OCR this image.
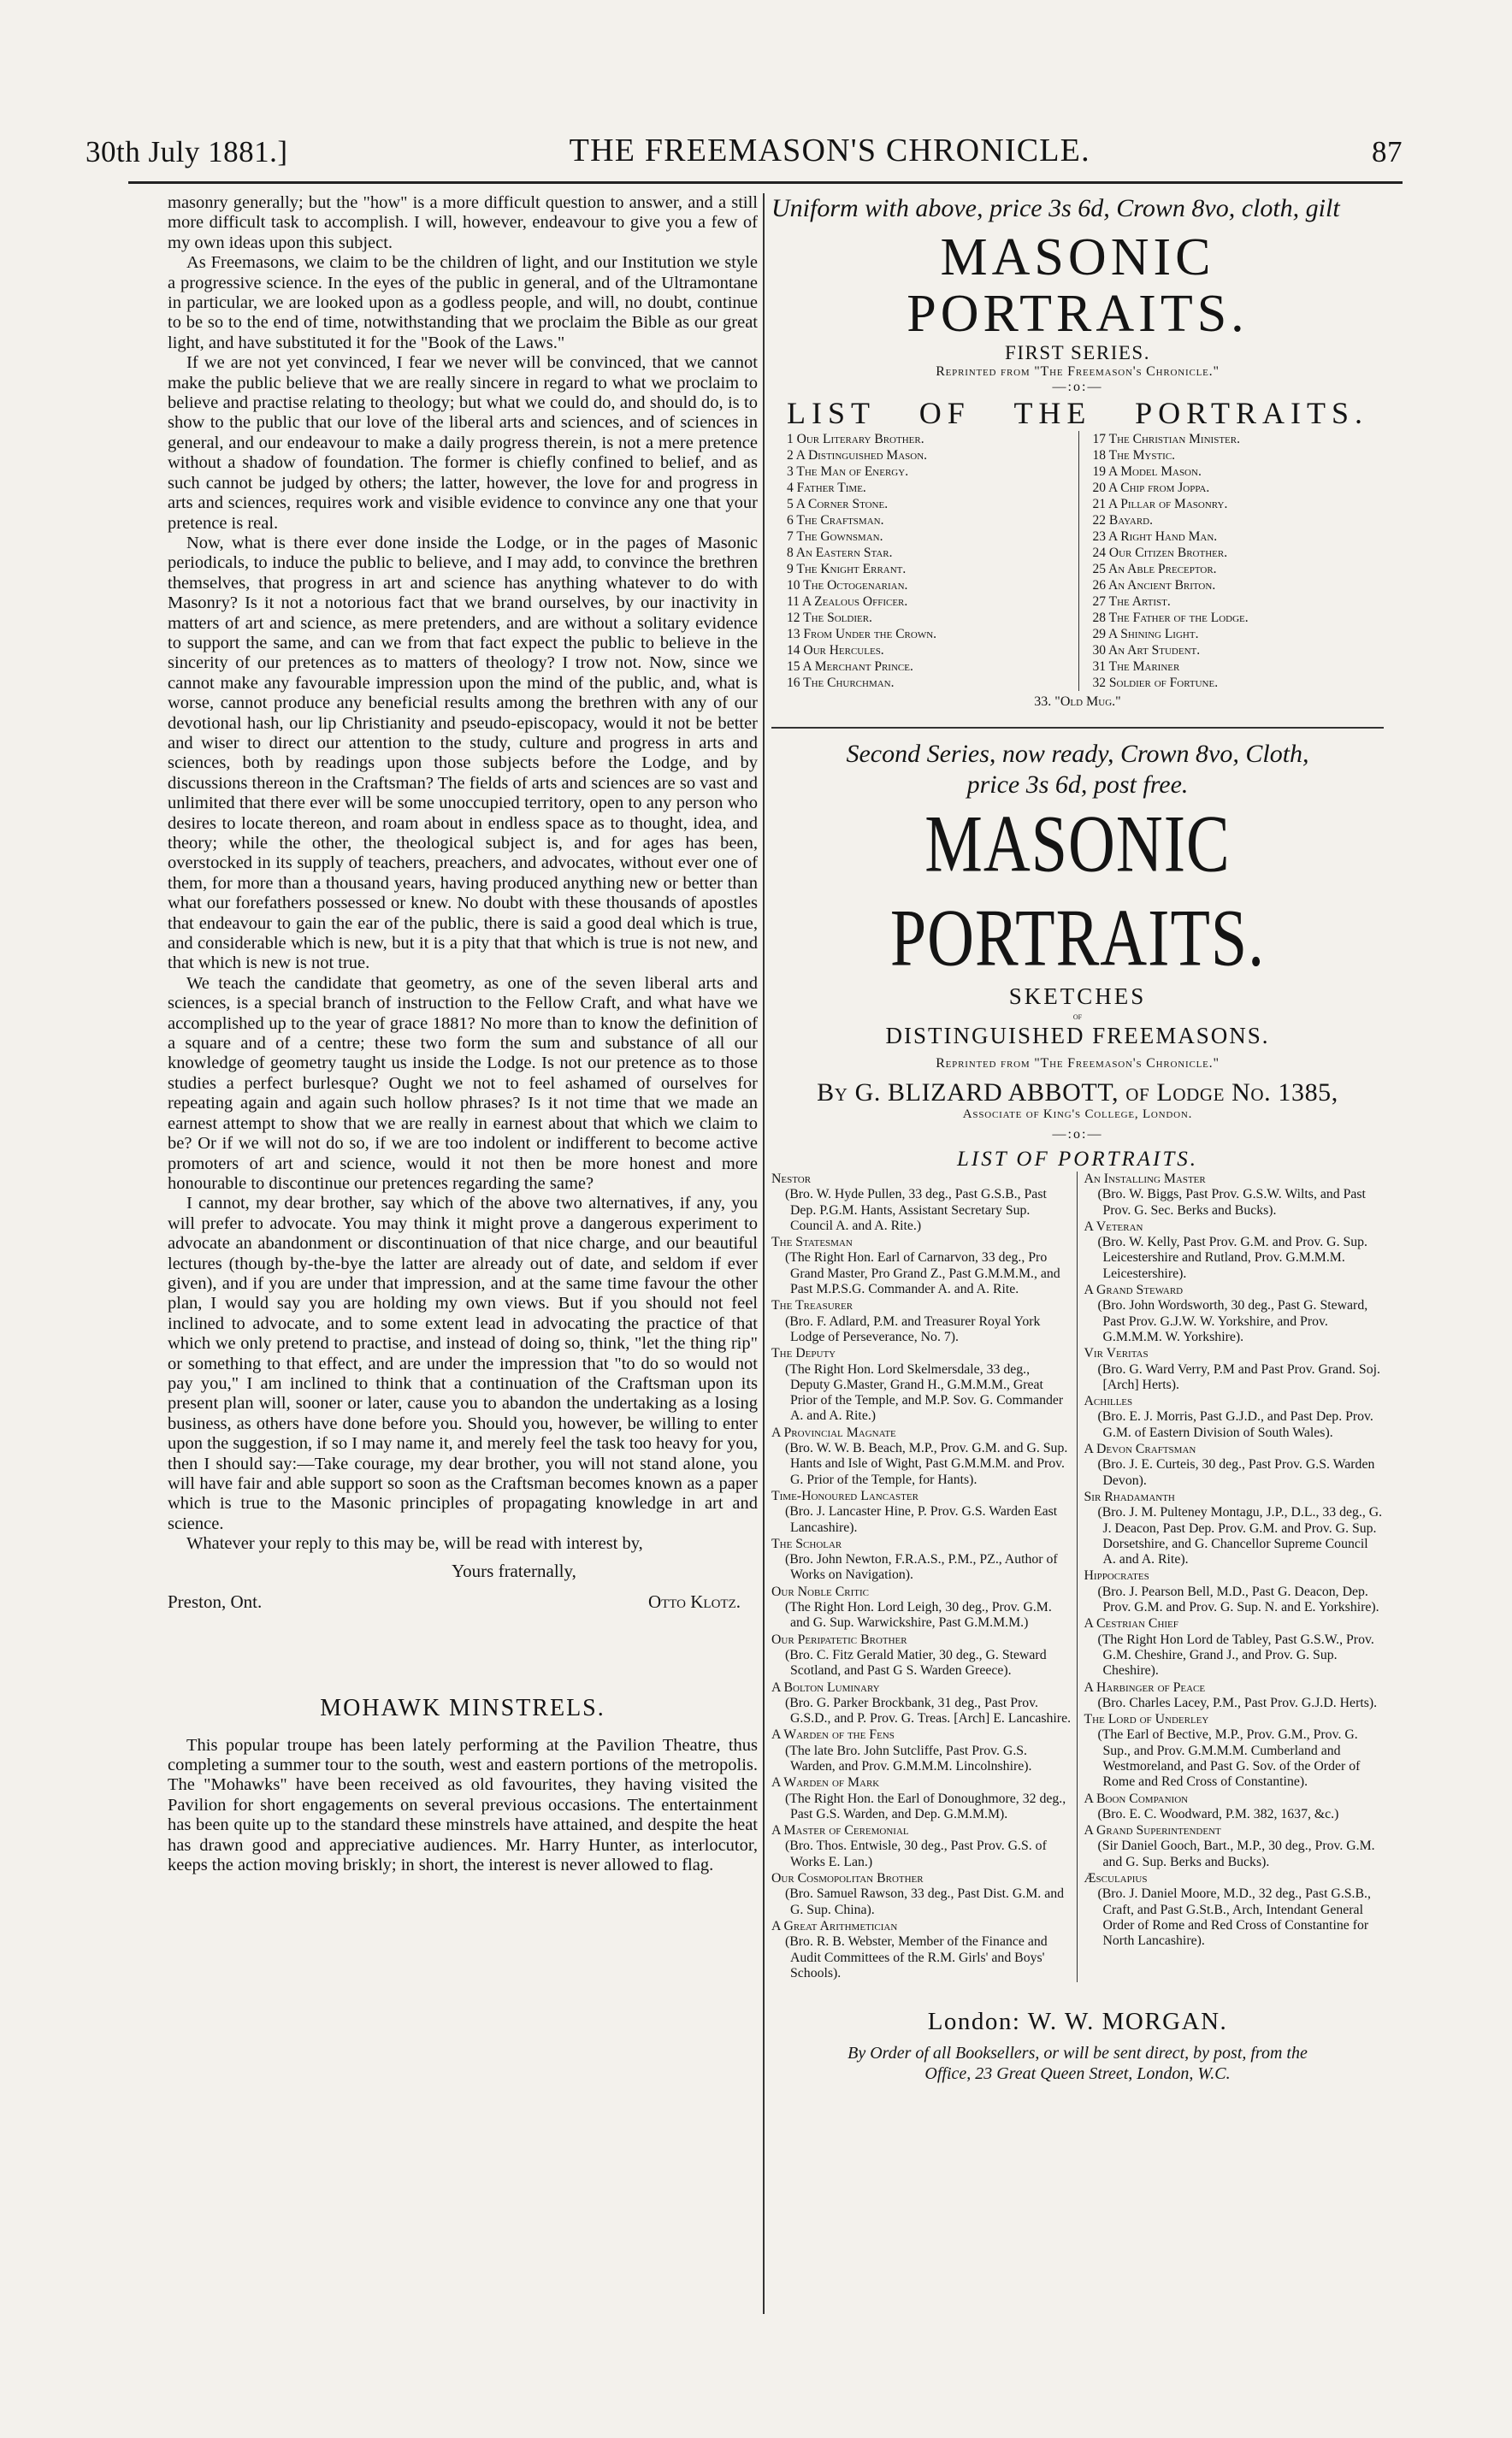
30th July 1881.]	THE FREEMASON'S CHRONICLE.	87

masonry generally; but the "how" is a more difficult question to answer, and a still more difficult task to accomplish. I will, however, endeavour to give you a few of my own ideas upon this subject.

As Freemasons, we claim to be the children of light, and our Institution we style a progressive science. In the eyes of the public in general, and of the Ultramontane in particular, we are looked upon as a godless people, and will, no doubt, continue to be so to the end of time, notwithstanding that we proclaim the Bible as our great light, and have substituted it for the "Book of the Laws."

If we are not yet convinced, I fear we never will be convinced, that we cannot make the public believe that we are really sincere in regard to what we proclaim to believe and practise relating to theology; but what we could do, and should do, is to show to the public that our love of the liberal arts and sciences, and of sciences in general, and our endeavour to make a daily progress therein, is not a mere pretence without a shadow of foundation. The former is chiefly confined to belief, and as such cannot be judged by others; the latter, however, the love for and progress in arts and sciences, requires work and visible evidence to convince any one that your pretence is real.

Now, what is there ever done inside the Lodge, or in the pages of Masonic periodicals, to induce the public to believe, and I may add, to convince the brethren themselves, that progress in art and science has anything whatever to do with Masonry? Is it not a notorious fact that we brand ourselves, by our inactivity in matters of art and science, as mere pretenders, and are without a solitary evidence to support the same, and can we from that fact expect the public to believe in the sincerity of our pretences as to matters of theology? I trow not. Now, since we cannot make any favourable impression upon the mind of the public, and, what is worse, cannot produce any beneficial results among the brethren with any of our devotional hash, our lip Christianity and pseudo-episcopacy, would it not be better and wiser to direct our attention to the study, culture and progress in arts and sciences, both by readings upon those subjects before the Lodge, and by discussions thereon in the Craftsman? The fields of arts and sciences are so vast and unlimited that there ever will be some unoccupied territory, open to any person who desires to locate thereon, and roam about in endless space as to thought, idea, and theory; while the other, the theological subject is, and for ages has been, overstocked in its supply of teachers, preachers, and advocates, without ever one of them, for more than a thousand years, having produced anything new or better than what our forefathers possessed or knew. No doubt with these thousands of apostles that endeavour to gain the ear of the public, there is said a good deal which is true, and considerable which is new, but it is a pity that that which is true is not new, and that which is new is not true.

We teach the candidate that geometry, as one of the seven liberal arts and sciences, is a special branch of instruction to the Fellow Craft, and what have we accomplished up to the year of grace 1881? No more than to know the definition of a square and of a centre; these two form the sum and substance of all our knowledge of geometry taught us inside the Lodge. Is not our pretence as to those studies a perfect burlesque? Ought we not to feel ashamed of ourselves for repeating again and again such hollow phrases? Is it not time that we made an earnest attempt to show that we are really in earnest about that which we claim to be? Or if we will not do so, if we are too indolent or indifferent to become active promoters of art and science, would it not then be more honest and more honourable to discontinue our pretences regarding the same?

I cannot, my dear brother, say which of the above two alternatives, if any, you will prefer to advocate. You may think it might prove a dangerous experiment to advocate an abandonment or discontinuation of that nice charge, and our beautiful lectures (though by-the-bye the latter are already out of date, and seldom if ever given), and if you are under that impression, and at the same time favour the other plan, I would say you are holding my own views. But if you should not feel inclined to advocate, and to some extent lead in advocating the practice of that which we only pretend to practise, and instead of doing so, think, "let the thing rip" or something to that effect, and are under the impression that "to do so would not pay you," I am inclined to think that a continuation of the Craftsman upon its present plan will, sooner or later, cause you to abandon the undertaking as a losing business, as others have done before you. Should you, however, be willing to enter upon the suggestion, if so I may name it, and merely feel the task too heavy for you, then I should say:—Take courage, my dear brother, you will not stand alone, you will have fair and able support so soon as the Craftsman becomes known as a paper which is true to the Masonic principles of propagating knowledge in art and science.

Whatever your reply to this may be, will be read with interest by,

Yours fraternally,
Preston, Ont.	Otto Klotz.
MOHAWK MINSTRELS.

This popular troupe has been lately performing at the Pavilion Theatre, thus completing a summer tour to the south, west and eastern portions of the metropolis. The "Mohawks" have been received as old favourites, they having visited the Pavilion for short engagements on several previous occasions. The entertainment has been quite up to the standard these minstrels have attained, and despite the heat has drawn good and appreciative audiences. Mr. Harry Hunter, as interlocutor, keeps the action moving briskly; in short, the interest is never allowed to flag.

Uniform with above, price 3s 6d, Crown 8vo, cloth, gilt
MASONIC PORTRAITS.
FIRST SERIES.
Reprinted from "The Freemason's Chronicle."
—:o:—
LIST OF THE PORTRAITS.
1 Our Literary Brother.
2 A Distinguished Mason.
3 The Man of Energy.
4 Father Time.
5 A Corner Stone.
6 The Craftsman.
7 The Gownsman.
8 An Eastern Star.
9 The Knight Errant.
10 The Octogenarian.
11 A Zealous Officer.
12 The Soldier.
13 From Under the Crown.
14 Our Hercules.
15 A Merchant Prince.
16 The Churchman.
17 The Christian Minister.
18 The Mystic.
19 A Model Mason.
20 A Chip from Joppa.
21 A Pillar of Masonry.
22 Bayard.
23 A Right Hand Man.
24 Our Citizen Brother.
25 An Able Preceptor.
26 An Ancient Briton.
27 The Artist.
28 The Father of the Lodge.
29 A Shining Light.
30 An Art Student.
31 The Mariner
32 Soldier of Fortune.
33. "Old Mug."
Second Series, now ready, Crown 8vo, Cloth,
price 3s 6d, post free.
MASONIC PORTRAITS.
SKETCHES
of
DISTINGUISHED FREEMASONS.
Reprinted from "The Freemason's Chronicle."
By G. BLIZARD ABBOTT, of Lodge No. 1385,
Associate of King's College, London.
—:o:—
LIST OF PORTRAITS.
Nestor
(Bro. W. Hyde Pullen, 33 deg., Past G.S.B., Past Dep. P.G.M. Hants, Assistant Secretary Sup. Council A. and A. Rite.)
The Statesman
(The Right Hon. Earl of Carnarvon, 33 deg., Pro Grand Master, Pro Grand Z., Past G.M.M.M., and Past M.P.S.G. Commander A. and A. Rite.
The Treasurer
(Bro. F. Adlard, P.M. and Treasurer Royal York Lodge of Perseverance, No. 7).
The Deputy
(The Right Hon. Lord Skelmersdale, 33 deg., Deputy G.Master, Grand H., G.M.M.M., Great Prior of the Temple, and M.P. Sov. G. Commander A. and A. Rite.)
A Provincial Magnate
(Bro. W. W. B. Beach, M.P., Prov. G.M. and G. Sup. Hants and Isle of Wight, Past G.M.M.M. and Prov. G. Prior of the Temple, for Hants).
Time-Honoured Lancaster
(Bro. J. Lancaster Hine, P. Prov. G.S. Warden East Lancashire).
The Scholar
(Bro. John Newton, F.R.A.S., P.M., PZ., Author of Works on Navigation).
Our Noble Critic
(The Right Hon. Lord Leigh, 30 deg., Prov. G.M. and G. Sup. Warwickshire, Past G.M.M.M.)
Our Peripatetic Brother
(Bro. C. Fitz Gerald Matier, 30 deg., G. Steward Scotland, and Past G S. Warden Greece).
A Bolton Luminary
(Bro. G. Parker Brockbank, 31 deg., Past Prov. G.S.D., and P. Prov. G. Treas. [Arch] E. Lancashire.
A Warden of the Fens
(The late Bro. John Sutcliffe, Past Prov. G.S. Warden, and Prov. G.M.M.M. Lincolnshire).
A Warden of Mark
(The Right Hon. the Earl of Donoughmore, 32 deg., Past G.S. Warden, and Dep. G.M.M.M).
A Master of Ceremonial
(Bro. Thos. Entwisle, 30 deg., Past Prov. G.S. of Works E. Lan.)
Our Cosmopolitan Brother
(Bro. Samuel Rawson, 33 deg., Past Dist. G.M. and G. Sup. China).
A Great Arithmetician
(Bro. R. B. Webster, Member of the Finance and Audit Committees of the R.M. Girls' and Boys' Schools).
An Installing Master
(Bro. W. Biggs, Past Prov. G.S.W. Wilts, and Past Prov. G. Sec. Berks and Bucks).
A Veteran
(Bro. W. Kelly, Past Prov. G.M. and Prov. G. Sup. Leicestershire and Rutland, Prov. G.M.M.M. Leicestershire).
A Grand Steward
(Bro. John Wordsworth, 30 deg., Past G. Steward, Past Prov. G.J.W. W. Yorkshire, and Prov. G.M.M.M. W. Yorkshire).
Vir Veritas
(Bro. G. Ward Verry, P.M and Past Prov. Grand. Soj. [Arch] Herts).
Achilles
(Bro. E. J. Morris, Past G.J.D., and Past Dep. Prov. G.M. of Eastern Division of South Wales).
A Devon Craftsman
(Bro. J. E. Curteis, 30 deg., Past Prov. G.S. Warden Devon).
Sir Rhadamanth
(Bro. J. M. Pulteney Montagu, J.P., D.L., 33 deg., G. J. Deacon, Past Dep. Prov. G.M. and Prov. G. Sup. Dorsetshire, and G. Chancellor Supreme Council A. and A. Rite).
Hippocrates
(Bro. J. Pearson Bell, M.D., Past G. Deacon, Dep. Prov. G.M. and Prov. G. Sup. N. and E. Yorkshire).
A Cestrian Chief
(The Right Hon Lord de Tabley, Past G.S.W., Prov. G.M. Cheshire, Grand J., and Prov. G. Sup. Cheshire).
A Harbinger of Peace
(Bro. Charles Lacey, P.M., Past Prov. G.J.D. Herts).
The Lord of Underley
(The Earl of Bective, M.P., Prov. G.M., Prov. G. Sup., and Prov. G.M.M.M. Cumberland and Westmoreland, and Past G. Sov. of the Order of Rome and Red Cross of Constantine).
A Boon Companion
(Bro. E. C. Woodward, P.M. 382, 1637, &c.)
A Grand Superintendent
(Sir Daniel Gooch, Bart., M.P., 30 deg., Prov. G.M. and G. Sup. Berks and Bucks).
Æsculapius
(Bro. J. Daniel Moore, M.D., 32 deg., Past G.S.B., Craft, and Past G.St.B., Arch, Intendant General Order of Rome and Red Cross of Constantine for North Lancashire).
London: W. W. MORGAN.
By Order of all Booksellers, or will be sent direct, by post, from the
Office, 23 Great Queen Street, London, W.C.
